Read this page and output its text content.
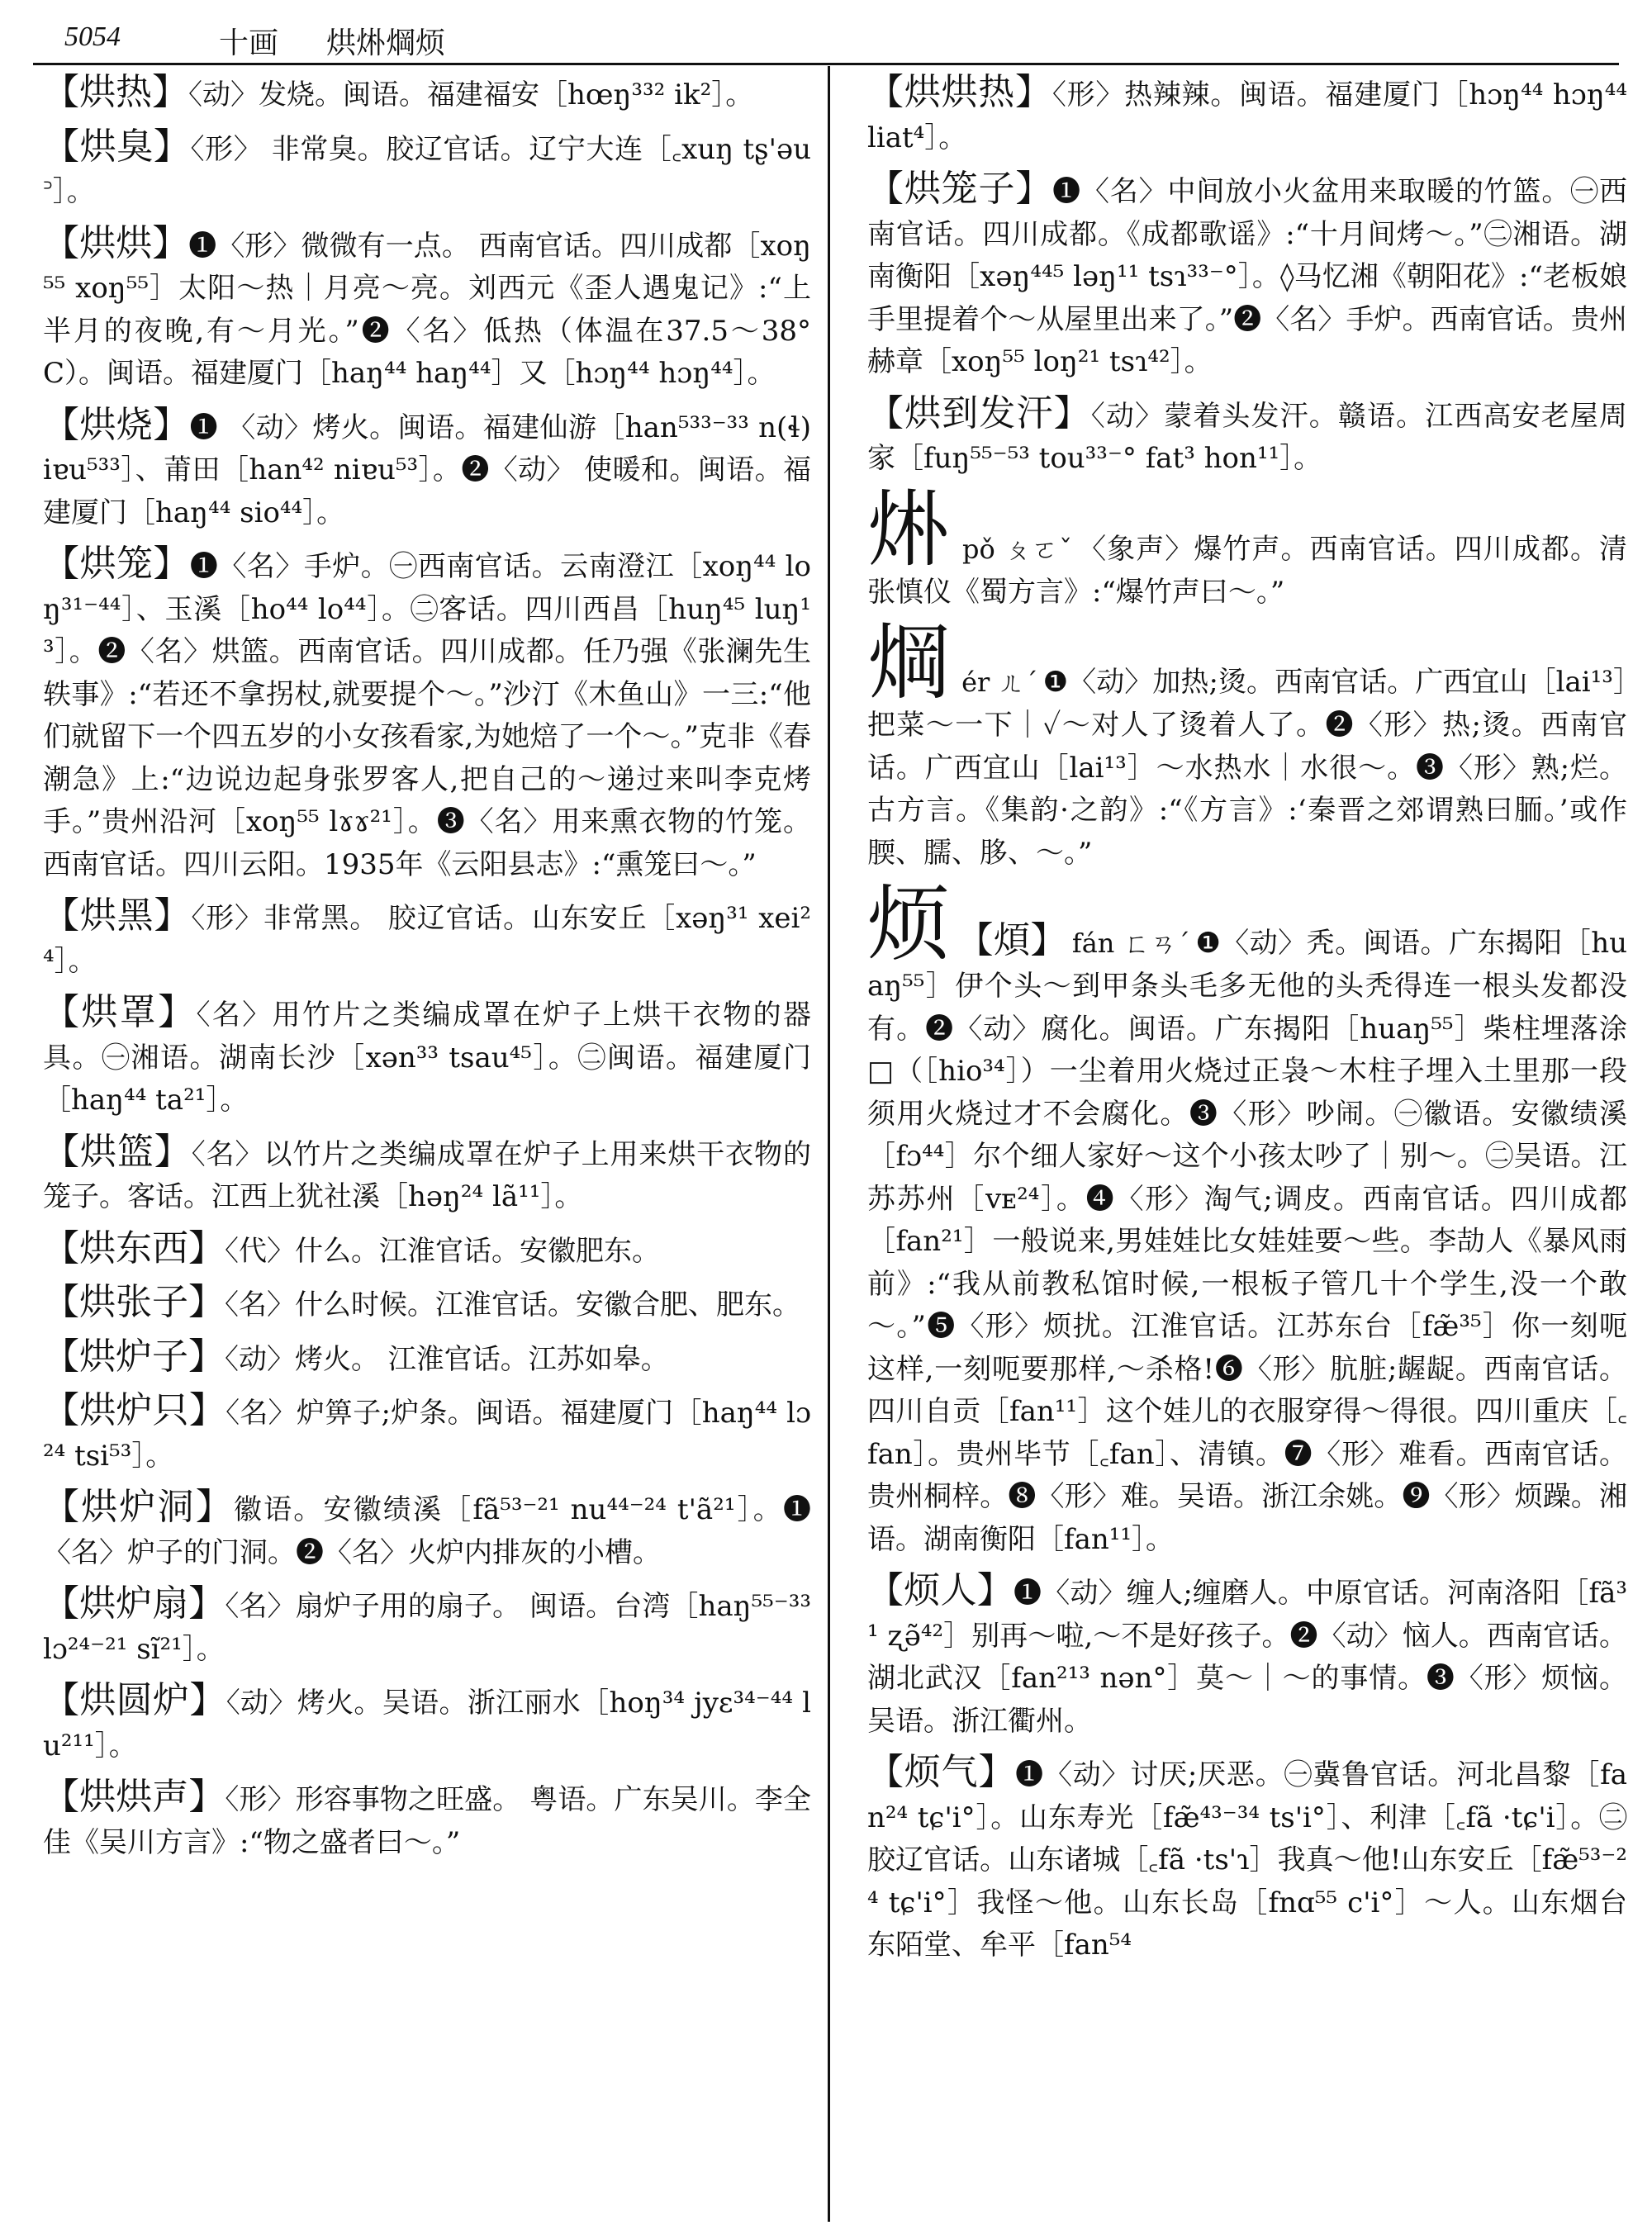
5054	十画 烘烞焵烦
【烘热】〈动〉发烧。闽语。福建福安［hœŋ³³² ik²］。
【烘臭】〈形〉 非常臭。胶辽官话。辽宁大连［꜀xuŋ tʂ'əu꜄］。
【烘烘】❶〈形〉微微有一点。 西南官话。四川成都［xoŋ⁵⁵ xoŋ⁵⁵］太阳～热｜月亮～亮。刘西元《歪人遇鬼记》:“上半月的夜晚,有～月光。”❷〈名〉低热（体温在37.5～38°C）。闽语。福建厦门［haŋ⁴⁴ haŋ⁴⁴］又［hɔŋ⁴⁴ hɔŋ⁴⁴］。
【烘烧】❶ 〈动〉烤火。闽语。福建仙游［han⁵³³⁻³³ n(ɬ)iɐu⁵³³］、莆田［han⁴² niɐu⁵³］。❷〈动〉 使暖和。闽语。福建厦门［haŋ⁴⁴ sio⁴⁴］。
【烘笼】❶〈名〉手炉。㊀西南官话。云南澄江［xoŋ⁴⁴ loŋ³¹⁻⁴⁴］、玉溪［ho⁴⁴ lo⁴⁴］。㊁客话。四川西昌［huŋ⁴⁵ luŋ¹³］。❷〈名〉烘篮。西南官话。四川成都。任乃强《张澜先生轶事》:“若还不拿拐杖,就要提个～。”沙汀《木鱼山》一三:“他们就留下一个四五岁的小女孩看家,为她焙了一个～。”克非《春潮急》上:“边说边起身张罗客人,把自己的～递过来叫李克烤手。”贵州沿河［xoŋ⁵⁵ lɤɤ²¹］。❸〈名〉用来熏衣物的竹笼。西南官话。四川云阳。1935年《云阳县志》:“熏笼曰～。”
【烘黑】〈形〉非常黑。 胶辽官话。山东安丘［xəŋ³¹ xei²⁴］。
【烘罩】〈名〉用竹片之类编成罩在炉子上烘干衣物的器具。㊀湘语。湖南长沙［xən³³ tsau⁴⁵］。㊁闽语。福建厦门［haŋ⁴⁴ ta²¹］。
【烘篮】〈名〉以竹片之类编成罩在炉子上用来烘干衣物的笼子。客话。江西上犹社溪［həŋ²⁴ lã¹¹］。
【烘东西】〈代〉什么。江淮官话。安徽肥东。
【烘张子】〈名〉什么时候。江淮官话。安徽合肥、肥东。
【烘炉子】〈动〉烤火。 江淮官话。江苏如皋。
【烘炉只】〈名〉炉箅子;炉条。闽语。福建厦门［haŋ⁴⁴ lɔ²⁴ tsi⁵³］。
【烘炉洞】徽语。安徽绩溪［fã⁵³⁻²¹ nu⁴⁴⁻²⁴ t'ã²¹］。❶〈名〉炉子的门洞。❷〈名〉火炉内排灰的小槽。
【烘炉扇】〈名〉扇炉子用的扇子。 闽语。台湾［haŋ⁵⁵⁻³³ lɔ²⁴⁻²¹ sĩ²¹］。
【烘圆炉】〈动〉烤火。吴语。浙江丽水［hoŋ³⁴ jyɛ³⁴⁻⁴⁴ lu²¹¹］。
【烘烘声】〈形〉形容事物之旺盛。 粤语。广东吴川。李全佳《吴川方言》:“物之盛者曰～。”
【烘烘热】〈形〉热辣辣。闽语。福建厦门［hɔŋ⁴⁴ hɔŋ⁴⁴ liat⁴］。
【烘笼子】❶〈名〉中间放小火盆用来取暖的竹篮。㊀西南官话。四川成都。《成都歌谣》:“十月间烤～。”㊁湘语。湖南衡阳［xəŋ⁴⁴⁵ ləŋ¹¹ tsɿ³³⁻°］。◊马忆湘《朝阳花》:“老板娘手里提着个～从屋里出来了。”❷〈名〉手炉。西南官话。贵州赫章［xoŋ⁵⁵ loŋ²¹ tsɿ⁴²］。
【烘到发汗】〈动〉蒙着头发汗。赣语。江西高安老屋周家［fuŋ⁵⁵⁻⁵³ tou³³⁻° fat³ hon¹¹］。
烞pǒ ㄆㄛˇ 〈象声〉爆竹声。西南官话。四川成都。清张慎仪《蜀方言》:“爆竹声曰～。”
焵ér ㄦˊ ❶〈动〉加热;烫。西南官话。广西宜山［lai¹³］把菜～一下｜✓～对人了烫着人了。❷〈形〉热;烫。西南官话。广西宜山［lai¹³］～水热水｜水很～。❸〈形〉熟;烂。古方言。《集韵·之韵》:“《方言》:‘秦晋之郊谓熟曰胹。’或作腝、臑、䏧、～。”
烦 【煩】 fán ㄈㄢˊ ❶〈动〉秃。闽语。广东揭阳［huaŋ⁵⁵］伊个头～到甲条头毛多无他的头秃得连一根头发都没有。❷〈动〉腐化。闽语。广东揭阳［huaŋ⁵⁵］柴柱埋落涂□（［hio³⁴］）一尘着用火烧过正袅～木柱子埋入土里那一段须用火烧过才不会腐化。❸〈形〉吵闹。㊀徽语。安徽绩溪［fɔ⁴⁴］尔个细人家好～这个小孩太吵了｜别～。㊁吴语。江苏苏州［vᴇ²⁴］。❹〈形〉淘气;调皮。西南官话。四川成都［fan²¹］一般说来,男娃娃比女娃娃要～些。李劼人《暴风雨前》:“我从前教私馆时候,一根板子管几十个学生,没一个敢～。”❺〈形〉烦扰。江淮官话。江苏东台［fæ̃³⁵］你一刻呃这样,一刻呃要那样,～杀格!❻〈形〉肮脏;龌龊。西南官话。四川自贡［fan¹¹］这个娃儿的衣服穿得～得很。四川重庆［꜀fan］。贵州毕节［꜀fan］、清镇。❼〈形〉难看。西南官话。贵州桐梓。❽〈形〉难。吴语。浙江余姚。❾〈形〉烦躁。湘语。湖南衡阳［fan¹¹］。
【烦人】❶〈动〉缠人;缠磨人。中原官话。河南洛阳［fã³¹ ʐə̃⁴²］别再～啦,～不是好孩子。❷〈动〉恼人。西南官话。湖北武汉［fan²¹³ nən°］莫～｜～的事情。❸〈形〉烦恼。吴语。浙江衢州。
【烦气】❶〈动〉讨厌;厌恶。㊀冀鲁官话。河北昌黎［fan²⁴ tɕ'i°］。山东寿光［fæ̃⁴³⁻³⁴ ts'i°］、利津［꜀fã ·tɕ'i］。㊁胶辽官话。山东诸城［꜀fã ·ts'ɿ］我真～他!山东安丘［fæ̃⁵³⁻²⁴ tɕ'i°］我怪～他。山东长岛［fnɑ⁵⁵ c'i°］～人。山东烟台东陌堂、牟平［fan⁵⁴
